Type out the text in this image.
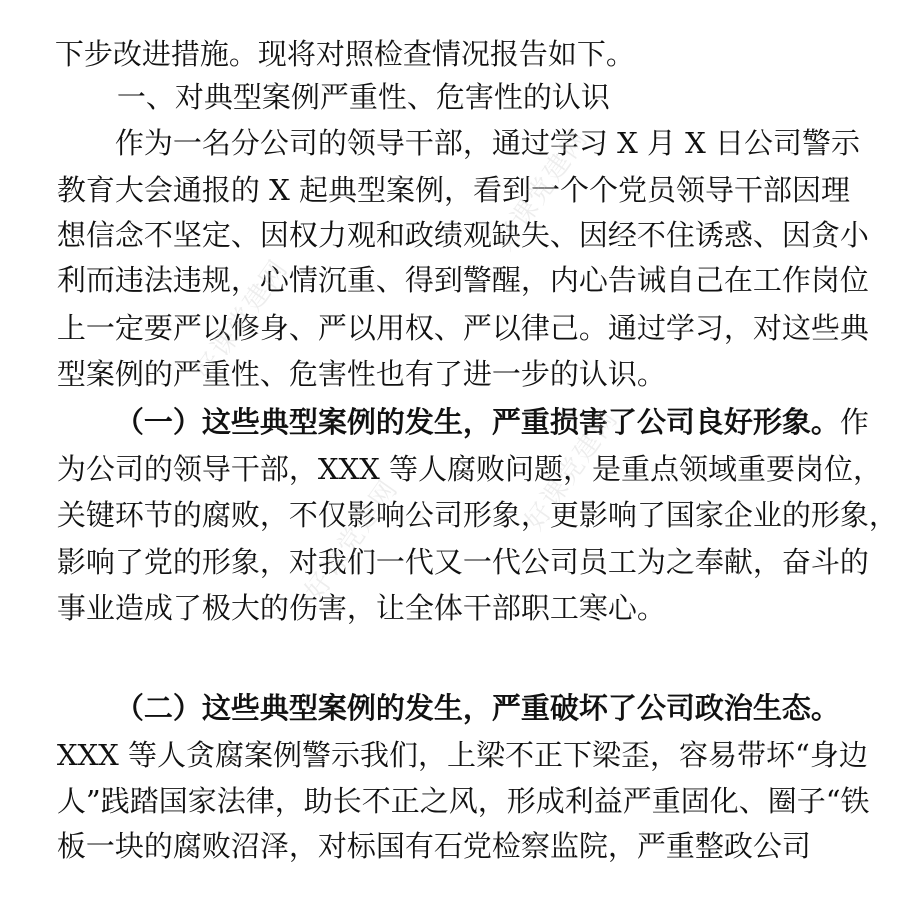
下步改进措施。现将对照检查情况报告如下。

一、对典型案例严重性、危害性的认识

作为一名分公司的领导干部，通过学习 X 月 X 日公司警示

教育大会通报的 X 起典型案例，看到一个个党员领导干部因理

想信念不坚定、因权力观和政绩观缺失、因经不住诱惑、因贪小

利而违法违规，心情沉重、得到警醒，内心告诫自己在工作岗位

上一定要严以修身、严以用权、严以律己。通过学习，对这些典

型案例的严重性、危害性也有了进一步的认识。

（一）这些典型案例的发生，严重损害了公司良好形象。作

为公司的领导干部，XXX 等人腐败问题，是重点领域重要岗位，

关键环节的腐败，不仅影响公司形象，更影响了国家企业的形象，

影响了党的形象，对我们一代又一代公司员工为之奉献，奋斗的

事业造成了极大的伤害，让全体干部职工寒心。

（二）这些典型案例的发生，严重破坏了公司政治生态。

XXX 等人贪腐案例警示我们，上梁不正下梁歪，容易带坏“身边

人”践踏国家法律，助长不正之风，形成利益严重固化、圈子“铁

板一块的腐败沼泽，对标国有石党检察监院，严重整政公司

好课党建网
好课党建网
好课党建网
好课党建网
